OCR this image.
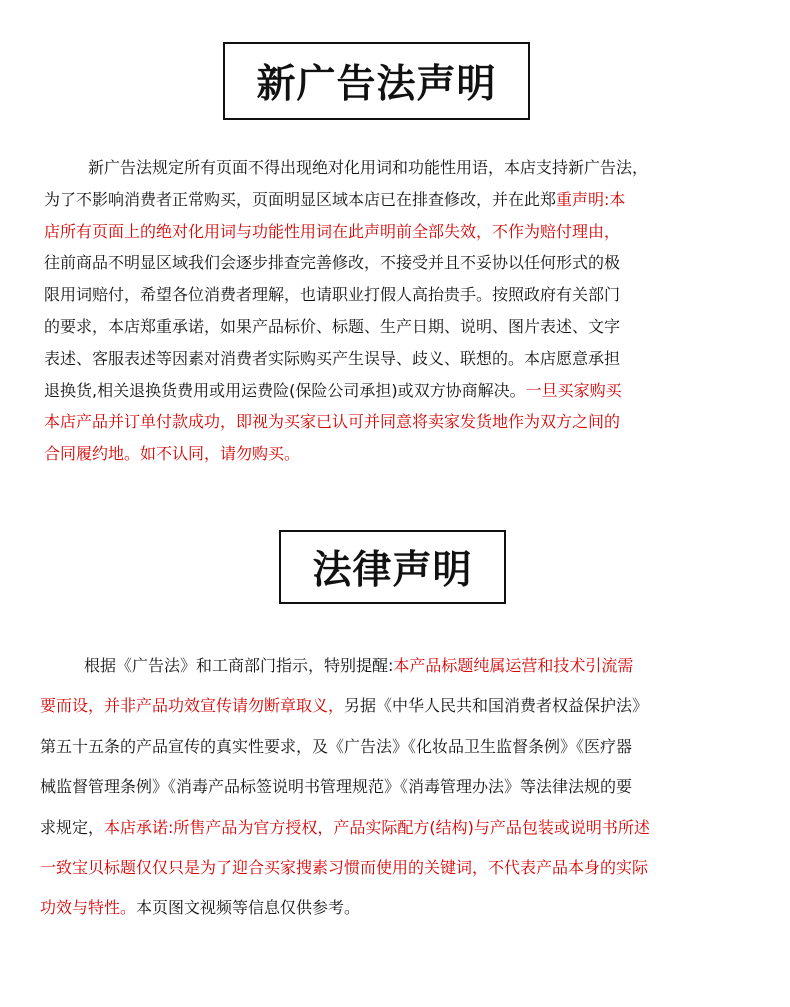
新广告法声明
新广告法规定所有页面不得出现绝对化用词和功能性用语，本店支持新广告法，
为了不影响消费者正常购买，页面明显区域本店已在排查修改，并在此郑重声明:本
店所有页面上的绝对化用词与功能性用词在此声明前全部失效，不作为赔付理由，
往前商品不明显区域我们会逐步排查完善修改，不接受并且不妥协以任何形式的极
限用词赔付，希望各位消费者理解，也请职业打假人高抬贵手。按照政府有关部门
的要求，本店郑重承诺，如果产品标价、标题、生产日期、说明、图片表述、文字
表述、客服表述等因素对消费者实际购买产生误导、歧义、联想的。本店愿意承担
退换货,相关退换货费用或用运费险(保险公司承担)或双方协商解决。一旦买家购买
本店产品并订单付款成功，即视为买家已认可并同意将卖家发货地作为双方之间的
合同履约地。如不认同，请勿购买。
法律声明
根据《广告法》和工商部门指示，特别提醒:本产品标题纯属运营和技术引流需
要而设，并非产品功效宣传请勿断章取义，另据《中华人民共和国消费者权益保护法》
第五十五条的产品宣传的真实性要求，及《广告法》《化妆品卫生监督条例》《医疗器
械监督管理条例》《消毒产品标签说明书管理规范》《消毒管理办法》等法律法规的要
求规定，本店承诺:所售产品为官方授权，产品实际配方(结构)与产品包装或说明书所述
一致宝贝标题仅仅只是为了迎合买家搜素习惯而使用的关键词，不代表产品本身的实际
功效与特性。本页图文视频等信息仅供参考。
